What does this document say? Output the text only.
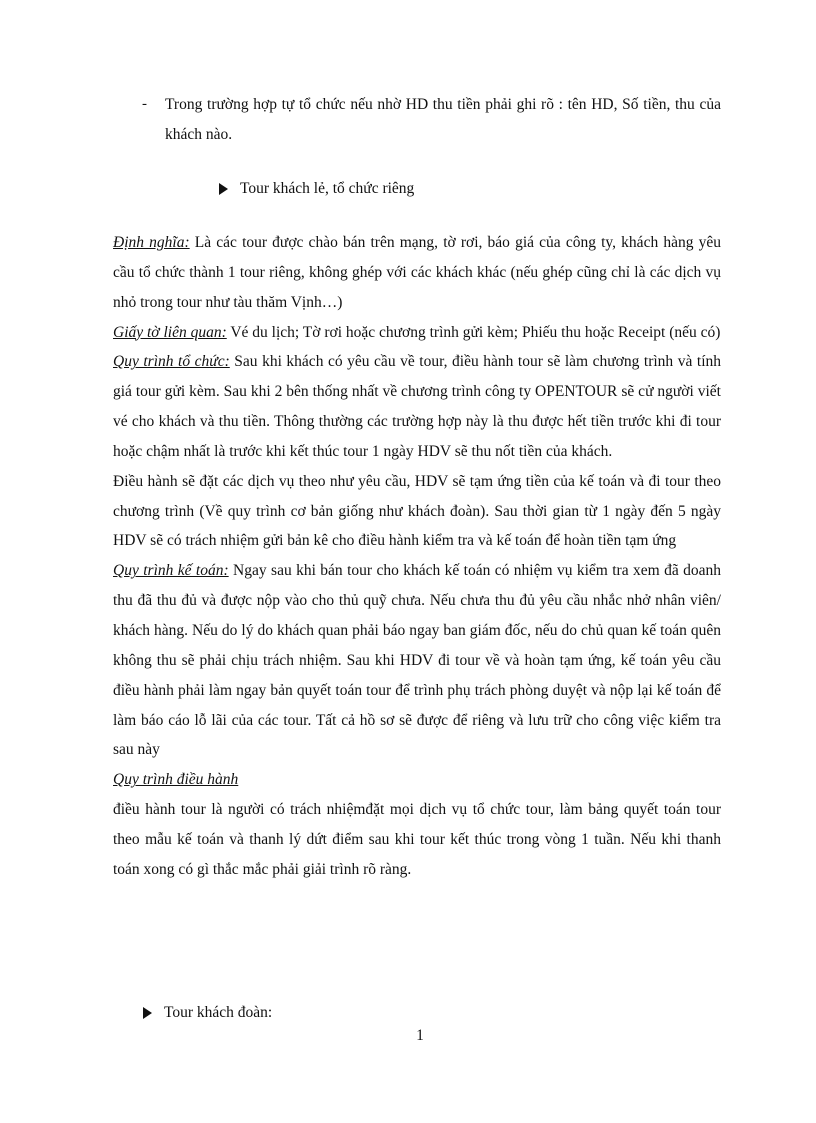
- Trong trường hợp tự tổ chức nếu nhờ HD thu tiền phải ghi rõ : tên HD, Số tiền, thu của khách nào.
Tour khách lẻ, tổ chức riêng

Định nghĩa: Là các tour được chào bán trên mạng, tờ rơi, báo giá của công ty, khách hàng yêu cầu tổ chức thành 1 tour riêng, không ghép với các khách khác (nếu ghép cũng chỉ là các dịch vụ nhỏ trong tour như tàu thăm Vịnh…)

Giấy tờ liên quan: Vé du lịch; Tờ rơi hoặc chương trình gửi kèm; Phiếu thu hoặc Receipt (nếu có)

Quy trình tổ chức: Sau khi khách có yêu cầu về tour, điều hành tour sẽ làm chương trình và tính giá tour gửi kèm. Sau khi 2 bên thống nhất về chương trình công ty OPENTOUR sẽ cử người viết vé cho khách và thu tiền. Thông thường các trường hợp này là thu được hết tiền trước khi đi tour hoặc chậm nhất là trước khi kết thúc tour 1 ngày HDV sẽ thu nốt tiền của khách.

Điều hành sẽ đặt các dịch vụ theo như yêu cầu, HDV sẽ tạm ứng tiền của kế toán và đi tour theo chương trình (Về quy trình cơ bản giống như khách đoàn). Sau thời gian từ 1 ngày đến 5 ngày HDV sẽ có trách nhiệm gửi bản kê cho điều hành kiểm tra và kế toán để hoàn tiền tạm ứng

Quy trình kế toán: Ngay sau khi bán tour cho khách kế toán có nhiệm vụ kiểm tra xem đã doanh thu đã thu đủ và được nộp vào cho thủ quỹ chưa. Nếu chưa thu đủ yêu cầu nhắc nhở nhân viên/ khách hàng. Nếu do lý do khách quan phải báo ngay ban giám đốc, nếu do chủ quan kế toán quên không thu sẽ phải chịu trách nhiệm. Sau khi HDV đi tour về và hoàn tạm ứng, kế toán yêu cầu điều hành phải làm ngay bản quyết toán tour để trình phụ trách phòng duyệt và nộp lại kế toán để làm báo cáo lỗ lãi của các tour. Tất cả hồ sơ sẽ được để riêng và lưu trữ cho công việc kiểm tra sau này

Quy trình điều hành

điều hành tour là người có trách nhiệmđặt mọi dịch vụ tổ chức tour, làm bảng quyết toán tour theo mẫu kế toán và thanh lý dứt điểm sau khi tour kết thúc trong vòng 1 tuần. Nếu khi thanh toán xong có gì thắc mắc phải giải trình rõ ràng.

Tour khách đoàn:
1
